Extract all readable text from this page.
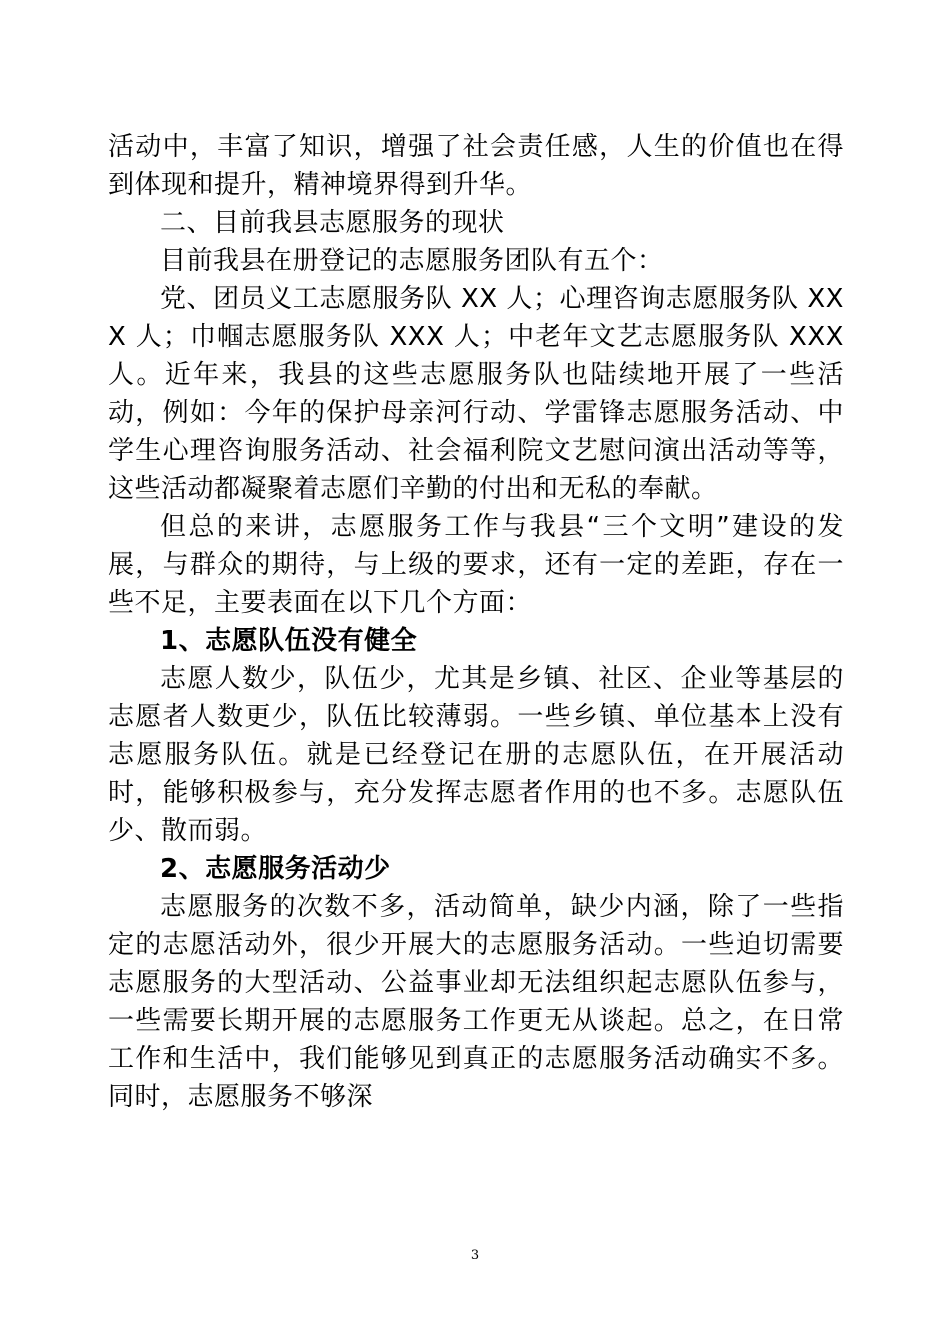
活动中，丰富了知识，增强了社会责任感，人生的价值也在得到体现和提升，精神境界得到升华。

二、目前我县志愿服务的现状

目前我县在册登记的志愿服务团队有五个：

党、团员义工志愿服务队 XX 人；心理咨询志愿服务队 XXX 人；巾帼志愿服务队 XXX 人；中老年文艺志愿服务队 XXX 人。近年来，我县的这些志愿服务队也陆续地开展了一些活动，例如：今年的保护母亲河行动、学雷锋志愿服务活动、中学生心理咨询服务活动、社会福利院文艺慰问演出活动等等，这些活动都凝聚着志愿们辛勤的付出和无私的奉献。

但总的来讲，志愿服务工作与我县“三个文明”建设的发展，与群众的期待，与上级的要求，还有一定的差距，存在一些不足，主要表面在以下几个方面：

1、志愿队伍没有健全

志愿人数少，队伍少，尤其是乡镇、社区、企业等基层的志愿者人数更少，队伍比较薄弱。一些乡镇、单位基本上没有志愿服务队伍。就是已经登记在册的志愿队伍，在开展活动时，能够积极参与，充分发挥志愿者作用的也不多。志愿队伍少、散而弱。

2、志愿服务活动少

志愿服务的次数不多，活动简单，缺少内涵，除了一些指定的志愿活动外，很少开展大的志愿服务活动。一些迫切需要志愿服务的大型活动、公益事业却无法组织起志愿队伍参与，一些需要长期开展的志愿服务工作更无从谈起。总之，在日常工作和生活中，我们能够见到真正的志愿服务活动确实不多。同时，志愿服务不够深

3
